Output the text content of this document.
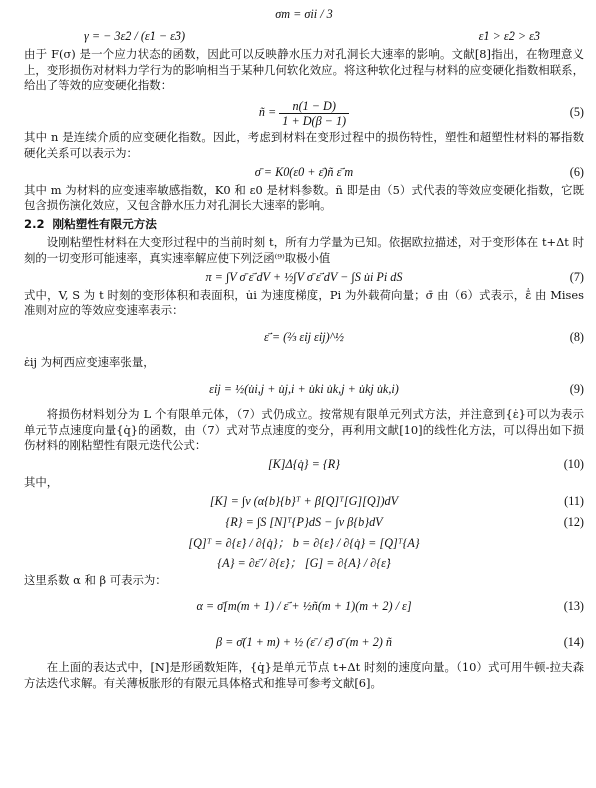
σm = σii / 3
γ = − 3ε̇2 / (ε̇1 − ε̇3)	ε̇1 > ε̇2 > ε̇3

由于 F(σ) 是一个应力状态的函数，因此可以反映静水压力对孔洞长大速率的影响。文献[8]指出，在物理意义上，变形损伤对材料力学行为的影响相当于某种几何软化效应。将这种软化过程与材料的应变硬化指数相联系，给出了等效的应变硬化指数：

ñ = $\frac{n(1 - D)}{1 + D(\beta - 1)}$	(5)

其中 n 是连续介质的应变硬化指数。因此，考虑到材料在变形过程中的损伤特性，塑性和超塑性材料的幂指数硬化关系可以表示为：

σ̄ = K0(ε0 + ε̄)ñ ε̄̇ m	(6)

其中 m 为材料的应变速率敏感指数，K0 和 ε0 是材料参数。ñ 即是由（5）式代表的等效应变硬化指数，它既包含损伤演化效应，又包含静水压力对孔洞长大速率的影响。

2.2 刚粘塑性有限元方法

设刚粘塑性材料在大变形过程中的当前时刻 t，所有力学量为已知。依据欧拉描述，对于变形体在 t+Δt 时刻的一切变形可能速率，真实速率解应使下列泛函⁽⁹⁾取极小值

π = ∫V σ̄ ε̄̇ dV + ½∫V σ̄ ε̄̇ dV − ∫S u̇i Pi dS	(7)

式中，V, S 为 t 时刻的变形体积和表面积，u̇i 为速度梯度，Pi 为外载荷向量；σ̄ 由（6）式表示，ε̄̇ 由 Mises 准则对应的等效应变速率表示：

ε̄̇ = (⅔ ε̇ij ε̇ij)^½	(8)

ε̇ij 为柯西应变速率张量，

ε̇ij = ½(u̇i,j + u̇j,i + u̇ki u̇k,j + u̇kj u̇k,i)	(9)

将损伤材料划分为 L 个有限单元体，（7）式仍成立。按常规有限单元列式方法，并注意到{ε̇}可以为表示单元节点速度向量{q̇}的函数，由（7）式对节点速度的变分，再利用文献[10]的线性化方法，可以得出如下损伤材料的刚粘塑性有限元迭代公式：

[K]Δ{q̇} = {R}	(10)

其中，

[K] = ∫v (α{b}{b}ᵀ + β[Q]ᵀ[G][Q])dV	(11)
{R} = ∫S [N]ᵀ{P}dS − ∫v β{b}dV	(12)
[Q]ᵀ = ∂{ε̇} / ∂{q̇}； b = ∂{ε̇} / ∂{q̇} = [Q]ᵀ{A}
{A} = ∂ε̄̇ / ∂{ε̇}； [G] = ∂{A} / ∂{ε̇}

这里系数 α 和 β 可表示为：

α = σ̄[m(m + 1) / ε̄̇ + ½ñ(m + 1)(m + 2) / ε]	(13)
β = σ̄(1 + m) + ½ (ε̄ / ε̄̇) σ̄ (m + 2) ñ	(14)

在上面的表达式中，[N]是形函数矩阵，{q̇}是单元节点 t+Δt 时刻的速度向量。（10）式可用牛顿-拉夫森方法迭代求解。有关薄板胀形的有限元具体格式和推导可参考文献[6]。
